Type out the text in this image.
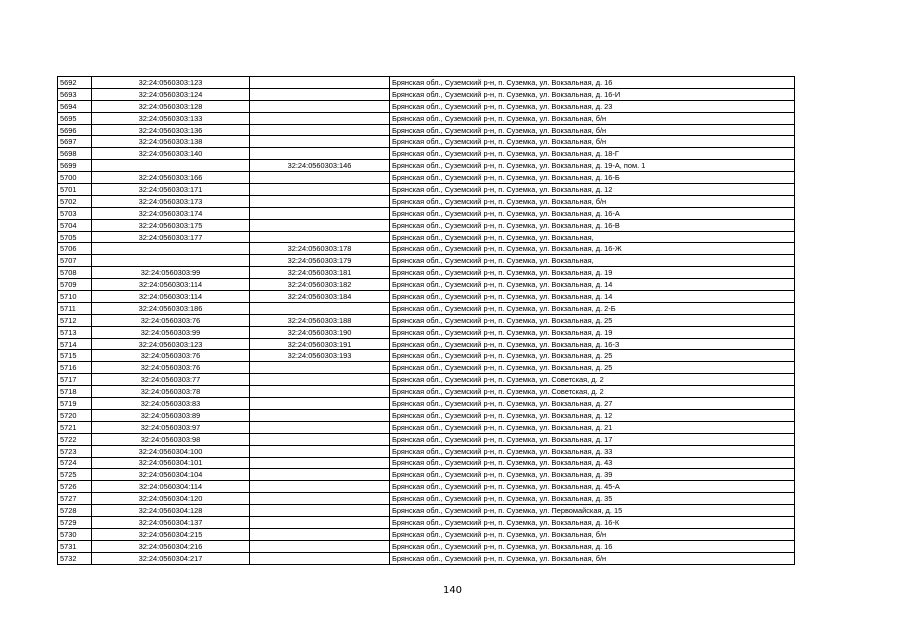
5692	32:24:0560303:123		Брянская обл., Суземский р-н, п. Суземка, ул. Вокзальная, д. 16
5693	32:24:0560303:124		Брянская обл., Суземский р-н, п. Суземка, ул. Вокзальная, д. 16-И
5694	32:24:0560303:128		Брянская обл., Суземский р-н, п. Суземка, ул. Вокзальная, д. 23
5695	32:24:0560303:133		Брянская обл., Суземский р-н, п. Суземка, ул. Вокзальная, б/н
5696	32:24:0560303:136		Брянская обл., Суземский р-н, п. Суземка, ул. Вокзальная, б/н
5697	32:24:0560303:138		Брянская обл., Суземский р-н, п. Суземка, ул. Вокзальная, б/н
5698	32:24:0560303:140		Брянская обл., Суземский р-н, п. Суземка, ул. Вокзальная, д. 18-Г
5699		32:24:0560303:146	Брянская обл., Суземский р-н, п. Суземка, ул. Вокзальная, д. 19-А, пом. 1
5700	32:24:0560303:166		Брянская обл., Суземский р-н, п. Суземка, ул. Вокзальная, д. 16-Б
5701	32:24:0560303:171		Брянская обл., Суземский р-н, п. Суземка, ул. Вокзальная, д. 12
5702	32:24:0560303:173		Брянская обл., Суземский р-н, п. Суземка, ул. Вокзальная, б/н
5703	32:24:0560303:174		Брянская обл., Суземский р-н, п. Суземка, ул. Вокзальная, д. 16-А
5704	32:24:0560303:175		Брянская обл., Суземский р-н, п. Суземка, ул. Вокзальная, д. 16-В
5705	32:24:0560303:177		Брянская обл., Суземский р-н, п. Суземка, ул. Вокзальная,
5706		32:24:0560303:178	Брянская обл., Суземский р-н, п. Суземка, ул. Вокзальная, д. 16-Ж
5707		32:24:0560303:179	Брянская обл., Суземский р-н, п. Суземка, ул. Вокзальная,
5708	32:24:0560303:99	32:24:0560303:181	Брянская обл., Суземский р-н, п. Суземка, ул. Вокзальная, д. 19
5709	32:24:0560303:114	32:24:0560303:182	Брянская обл., Суземский р-н, п. Суземка, ул. Вокзальная, д. 14
5710	32:24:0560303:114	32:24:0560303:184	Брянская обл., Суземский р-н, п. Суземка, ул. Вокзальная, д. 14
5711	32:24:0560303:186		Брянская обл., Суземский р-н, п. Суземка, ул. Вокзальная, д. 2-Б
5712	32:24:0560303:76	32:24:0560303:188	Брянская обл., Суземский р-н, п. Суземка, ул. Вокзальная, д. 25
5713	32:24:0560303:99	32:24:0560303:190	Брянская обл., Суземский р-н, п. Суземка, ул. Вокзальная, д. 19
5714	32:24:0560303:123	32:24:0560303:191	Брянская обл., Суземский р-н, п. Суземка, ул. Вокзальная, д. 16-З
5715	32:24:0560303:76	32:24:0560303:193	Брянская обл., Суземский р-н, п. Суземка, ул. Вокзальная, д. 25
5716	32:24:0560303:76		Брянская обл., Суземский р-н, п. Суземка, ул. Вокзальная, д. 25
5717	32:24:0560303:77		Брянская обл., Суземский р-н, п. Суземка, ул. Советская, д. 2
5718	32:24:0560303:78		Брянская обл., Суземский р-н, п. Суземка, ул. Советская, д. 2
5719	32:24:0560303:83		Брянская обл., Суземский р-н, п. Суземка, ул. Вокзальная, д. 27
5720	32:24:0560303:89		Брянская обл., Суземский р-н, п. Суземка, ул. Вокзальная, д. 12
5721	32:24:0560303:97		Брянская обл., Суземский р-н, п. Суземка, ул. Вокзальная, д. 21
5722	32:24:0560303:98		Брянская обл., Суземский р-н, п. Суземка, ул. Вокзальная, д. 17
5723	32:24:0560304:100		Брянская обл., Суземский р-н, п. Суземка, ул. Вокзальная, д. 33
5724	32:24:0560304:101		Брянская обл., Суземский р-н, п. Суземка, ул. Вокзальная, д. 43
5725	32:24:0560304:104		Брянская обл., Суземский р-н, п. Суземка, ул. Вокзальная, д. 39
5726	32:24:0560304:114		Брянская обл., Суземский р-н, п. Суземка, ул. Вокзальная, д. 45-А
5727	32:24:0560304:120		Брянская обл., Суземский р-н, п. Суземка, ул. Вокзальная, д. 35
5728	32:24:0560304:128		Брянская обл., Суземский р-н, п. Суземка, ул. Первомайская, д. 15
5729	32:24:0560304:137		Брянская обл., Суземский р-н, п. Суземка, ул. Вокзальная, д. 16-К
5730	32:24:0560304:215		Брянская обл., Суземский р-н, п. Суземка, ул. Вокзальная, б/н
5731	32:24:0560304:216		Брянская обл., Суземский р-н, п. Суземка, ул. Вокзальная, д. 16
5732	32:24:0560304:217		Брянская обл., Суземский р-н, п. Суземка, ул. Вокзальная, б/н
140
